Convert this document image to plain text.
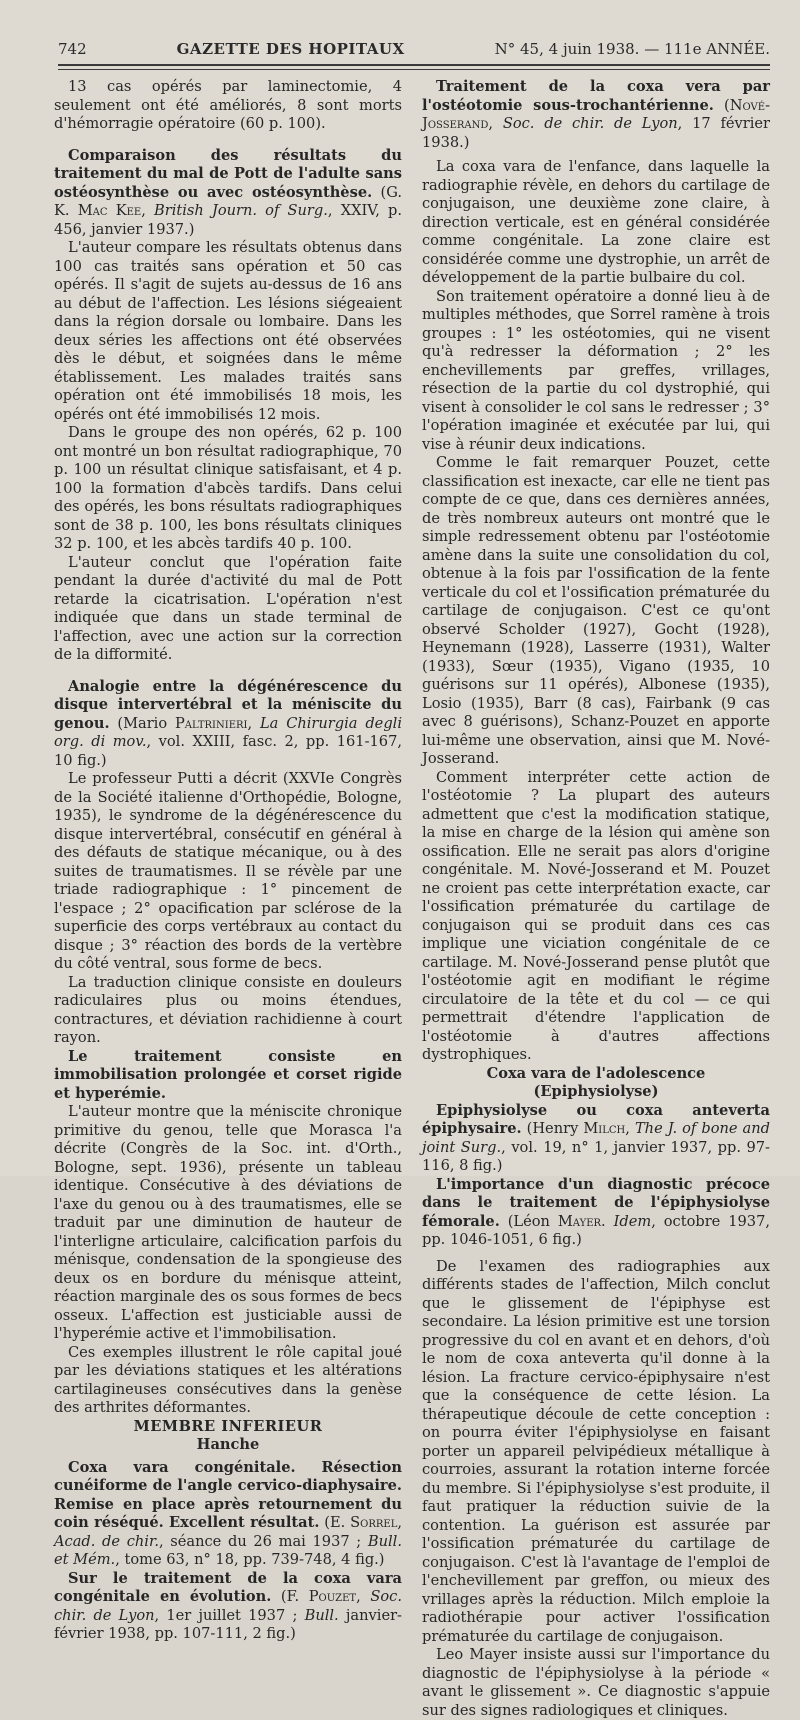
742	GAZETTE DES HOPITAUX	N° 45, 4 juin 1938. — 111e ANNÉE.

13 cas opérés par laminectomie, 4 seulement ont été améliorés, 8 sont morts d'hémorragie opératoire (60 p. 100).

Comparaison des résultats du traitement du mal de Pott de l'adulte sans ostéosynthèse ou avec ostéosynthèse. (G. K. Mac Kee, British Journ. of Surg., XXIV, p. 456, janvier 1937.)

L'auteur compare les résultats obtenus dans 100 cas traités sans opération et 50 cas opérés. Il s'agit de sujets au-dessus de 16 ans au début de l'affection. Les lésions siégeaient dans la région dorsale ou lombaire. Dans les deux séries les affections ont été observées dès le début, et soignées dans le même établissement. Les malades traités sans opération ont été immobilisés 18 mois, les opérés ont été immobilisés 12 mois.

Dans le groupe des non opérés, 62 p. 100 ont montré un bon résultat radiographique, 70 p. 100 un résultat clinique satisfaisant, et 4 p. 100 la formation d'abcès tardifs. Dans celui des opérés, les bons résultats radiographiques sont de 38 p. 100, les bons résultats cliniques 32 p. 100, et les abcès tardifs 40 p. 100.

L'auteur conclut que l'opération faite pendant la durée d'activité du mal de Pott retarde la cicatrisation. L'opération n'est indiquée que dans un stade terminal de l'affection, avec une action sur la correction de la difformité.

Analogie entre la dégénérescence du disque intervertébral et la méniscite du genou. (Mario Paltrinieri, La Chirurgia degli org. di mov., vol. XXIII, fasc. 2, pp. 161-167, 10 fig.)

Le professeur Putti a décrit (XXVIe Congrès de la Société italienne d'Orthopédie, Bologne, 1935), le syndrome de la dégénérescence du disque intervertébral, consécutif en général à des défauts de statique mécanique, ou à des suites de traumatismes. Il se révèle par une triade radiographique : 1° pincement de l'espace ; 2° opacification par sclérose de la superficie des corps vertébraux au contact du disque ; 3° réaction des bords de la vertèbre du côté ventral, sous forme de becs.

La traduction clinique consiste en douleurs radiculaires plus ou moins étendues, contractures, et déviation rachidienne à court rayon.

Le traitement consiste en immobilisation prolongée et corset rigide et hyperémie.

L'auteur montre que la méniscite chronique primitive du genou, telle que Morasca l'a décrite (Congrès de la Soc. int. d'Orth., Bologne, sept. 1936), présente un tableau identique. Consécutive à des déviations de l'axe du genou ou à des traumatismes, elle se traduit par une diminution de hauteur de l'interligne articulaire, calcification parfois du ménisque, condensation de la spongieuse des deux os en bordure du ménisque atteint, réaction marginale des os sous formes de becs osseux. L'affection est justiciable aussi de l'hyperémie active et l'immobilisation.

Ces exemples illustrent le rôle capital joué par les déviations statiques et les altérations cartilagineuses consécutives dans la genèse des arthrites déformantes.

MEMBRE INFERIEUR

Hanche

Coxa vara congénitale. Résection cunéiforme de l'angle cervico-diaphysaire. Remise en place après retournement du coin réséqué. Excellent résultat. (E. Sorrel, Acad. de chir., séance du 26 mai 1937 ; Bull. et Mém., tome 63, n° 18, pp. 739-748, 4 fig.)

Sur le traitement de la coxa vara congénitale en évolution. (F. Pouzet, Soc. chir. de Lyon, 1er juillet 1937 ; Bull. janvier-février 1938, pp. 107-111, 2 fig.)

Traitement de la coxa vera par l'ostéotomie sous-trochantérienne. (Nové-Josserand, Soc. de chir. de Lyon, 17 février 1938.)

La coxa vara de l'enfance, dans laquelle la radiographie révèle, en dehors du cartilage de conjugaison, une deuxième zone claire, à direction verticale, est en général considérée comme congénitale. La zone claire est considérée comme une dystrophie, un arrêt de développement de la partie bulbaire du col.

Son traitement opératoire a donné lieu à de multiples méthodes, que Sorrel ramène à trois groupes : 1° les ostéotomies, qui ne visent qu'à redresser la déformation ; 2° les enchevillements par greffes, vrillages, résection de la partie du col dystrophié, qui visent à consolider le col sans le redresser ; 3° l'opération imaginée et exécutée par lui, qui vise à réunir deux indications.

Comme le fait remarquer Pouzet, cette classification est inexacte, car elle ne tient pas compte de ce que, dans ces dernières années, de très nombreux auteurs ont montré que le simple redressement obtenu par l'ostéotomie amène dans la suite une consolidation du col, obtenue à la fois par l'ossification de la fente verticale du col et l'ossification prématurée du cartilage de conjugaison. C'est ce qu'ont observé Scholder (1927), Gocht (1928), Heynemann (1928), Lasserre (1931), Walter (1933), Sœur (1935), Vigano (1935, 10 guérisons sur 11 opérés), Albonese (1935), Losio (1935), Barr (8 cas), Fairbank (9 cas avec 8 guérisons), Schanz-Pouzet en apporte lui-même une observation, ainsi que M. Nové-Josserand.

Comment interpréter cette action de l'ostéotomie ? La plupart des auteurs admettent que c'est la modification statique, la mise en charge de la lésion qui amène son ossification. Elle ne serait pas alors d'origine congénitale. M. Nové-Josserand et M. Pouzet ne croient pas cette interprétation exacte, car l'ossification prématurée du cartilage de conjugaison qui se produit dans ces cas implique une viciation congénitale de ce cartilage. M. Nové-Josserand pense plutôt que l'ostéotomie agit en modifiant le régime circulatoire de la tête et du col — ce qui permettrait d'étendre l'application de l'ostéotomie à d'autres affections dystrophiques.

Coxa vara de l'adolescence (Epiphysiolyse)

Epiphysiolyse ou coxa anteverta épiphysaire. (Henry Milch, The J. of bone and joint Surg., vol. 19, n° 1, janvier 1937, pp. 97-116, 8 fig.)

L'importance d'un diagnostic précoce dans le traitement de l'épiphysiolyse fémorale. (Léon Mayer. Idem, octobre 1937, pp. 1046-1051, 6 fig.)

De l'examen des radiographies aux différents stades de l'affection, Milch conclut que le glissement de l'épiphyse est secondaire. La lésion primitive est une torsion progressive du col en avant et en dehors, d'où le nom de coxa anteverta qu'il donne à la lésion. La fracture cervico-épiphysaire n'est que la conséquence de cette lésion. La thérapeutique découle de cette conception : on pourra éviter l'épiphysiolyse en faisant porter un appareil pelvipédieux métallique à courroies, assurant la rotation interne forcée du membre. Si l'épiphysiolyse s'est produite, il faut pratiquer la réduction suivie de la contention. La guérison est assurée par l'ossification prématurée du cartilage de conjugaison. C'est là l'avantage de l'emploi de l'enchevillement par greffon, ou mieux des vrillages après la réduction. Milch emploie la radiothérapie pour activer l'ossification prématurée du cartilage de conjugaison.

Leo Mayer insiste aussi sur l'importance du diagnostic de l'épiphysiolyse à la période « avant le glissement ». Ce diagnostic s'appuie sur des signes radiologiques et cliniques.
